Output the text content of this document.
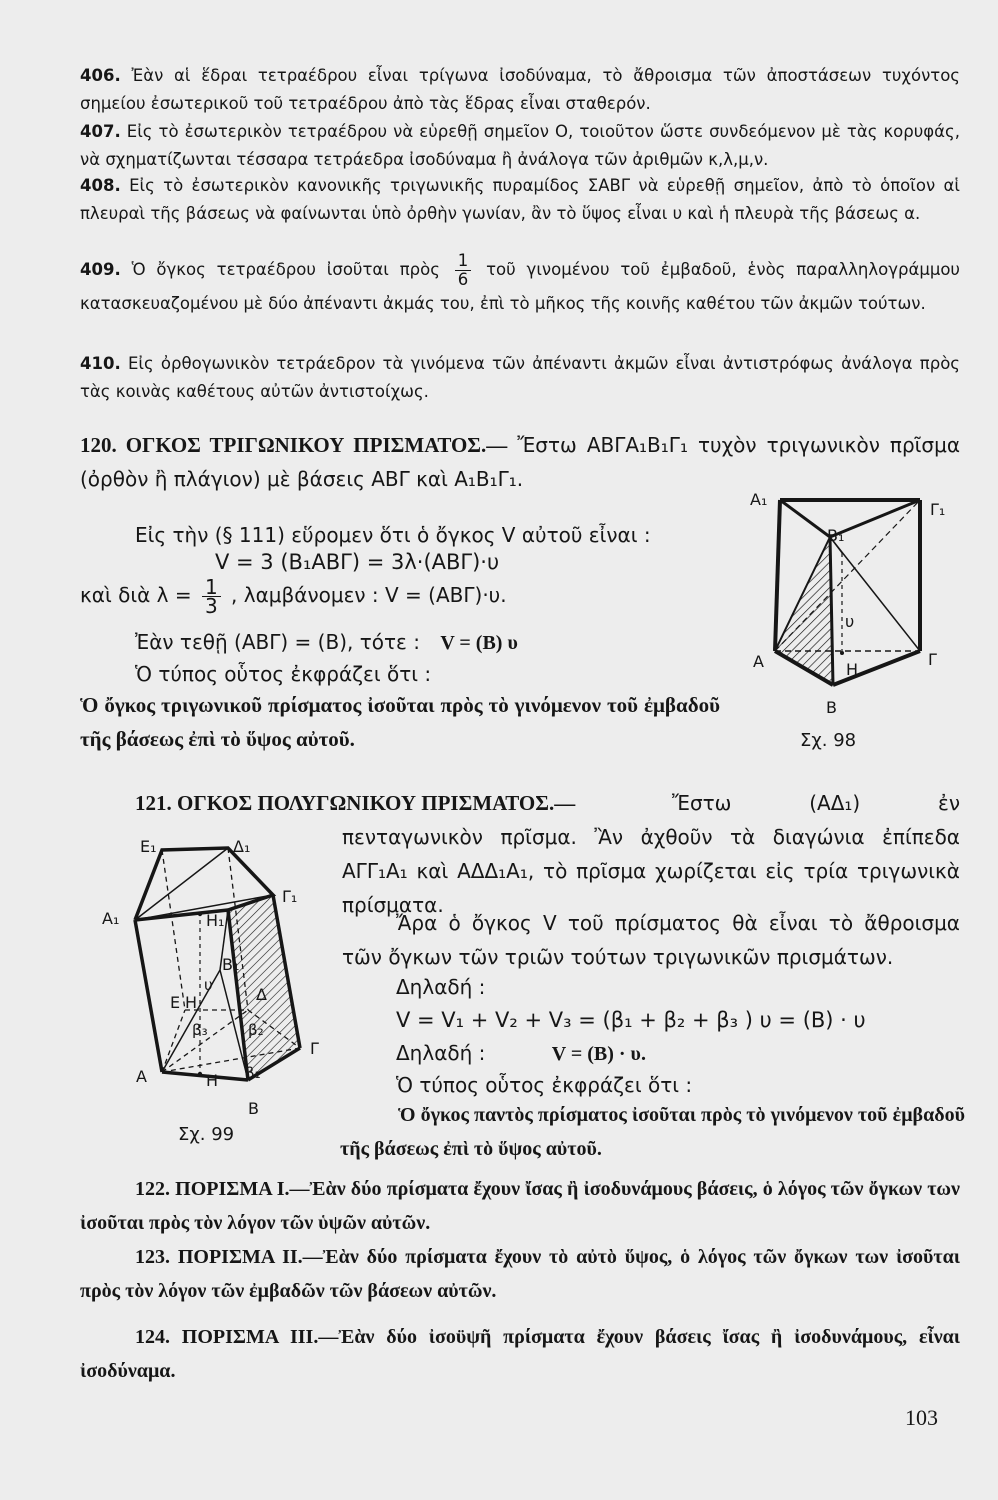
406. Ἐὰν αἱ ἕδραι τετραέδρου εἶναι τρίγωνα ἰσοδύναμα, τὸ ἄθροισμα τῶν ἀποστάσεων τυχόντος σημείου ἐσωτερικοῦ τοῦ τετραέδρου ἀπὸ τὰς ἕδρας εἶναι σταθερόν.
407. Εἰς τὸ ἐσωτερικὸν τετραέδρου νὰ εὑρεθῇ σημεῖον Ο, τοιοῦτον ὥστε συνδεόμενον μὲ τὰς κορυφάς, νὰ σχηματίζωνται τέσσαρα τετράεδρα ἰσοδύναμα ἢ ἀνάλογα τῶν ἀριθμῶν κ,λ,μ,ν.
408. Εἰς τὸ ἐσωτερικὸν κανονικῆς τριγωνικῆς πυραμίδος ΣΑΒΓ νὰ εὑρεθῇ σημεῖον, ἀπὸ τὸ ὁποῖον αἱ πλευραὶ τῆς βάσεως νὰ φαίνωνται ὑπὸ ὀρθὴν γωνίαν, ἂν τὸ ὕψος εἶναι υ καὶ ἡ πλευρὰ τῆς βάσεως α.
409. Ὁ ὄγκος τετραέδρου ἰσοῦται πρὸς $\frac{1}{6}$ τοῦ γινομένου τοῦ ἐμβαδοῦ, ἑνὸς παραλληλογράμμου κατασκευαζομένου μὲ δύο ἀπέναντι ἀκμάς του, ἐπὶ τὸ μῆκος τῆς κοινῆς καθέτου τῶν ἀκμῶν τούτων.
410. Εἰς ὀρθογωνικὸν τετράεδρον τὰ γινόμενα τῶν ἀπέναντι ἀκμῶν εἶναι ἀντιστρόφως ἀνάλογα πρὸς τὰς κοινὰς καθέτους αὐτῶν ἀντιστοίχως.
120. ΟΓΚΟΣ ΤΡΙΓΩΝΙΚΟΥ ΠΡΙΣΜΑΤΟΣ.— Ἔστω ΑΒΓΑ₁Β₁Γ₁ τυχὸν τριγωνικὸν πρῖσμα (ὀρθὸν ἢ πλάγιον) μὲ βάσεις ΑΒΓ καὶ Α₁Β₁Γ₁.
Εἰς τὴν (§ 111) εὕρομεν ὅτι ὁ ὄγκος V αὐτοῦ εἶναι :
V = 3 (Β₁ΑΒΓ) = 3λ·(ΑΒΓ)·υ
καὶ διὰ $\lambda = \frac{1}{3}$ , λαμβάνομεν : V = (ΑΒΓ)·υ.
Ἐὰν τεθῇ (ΑΒΓ) = (Β), τότε : V = (Β) υ
Ὁ τύπος οὗτος ἐκφράζει ὅτι :
Ὁ ὄγκος τριγωνικοῦ πρίσματος ἰσοῦται πρὸς τὸ γινόμενον τοῦ ἐμβαδοῦ τῆς βάσεως ἐπὶ τὸ ὕψος αὐτοῦ.
Α₁
Γ₁
Β₁
υ
Α	Η
Γ
Β
Σχ. 98
121. ΟΓΚΟΣ ΠΟΛΥΓΩΝΙΚΟΥ ΠΡΙΣΜΑΤΟΣ.—	Ἔστω (ΑΔ₁) ἐν πενταγωνικὸν πρῖσμα. Ἂν ἀχθοῦν τὰ διαγώνια ἐπίπεδα ΑΓΓ₁Α₁ καὶ ΑΔΔ₁Α₁, τὸ πρῖσμα χωρίζεται εἰς τρία τριγωνικὰ πρίσματα.
Ἄρα ὁ ὄγκος V τοῦ πρίσματος θὰ εἶναι τὸ ἄθροισμα τῶν ὄγκων τῶν τριῶν τούτων τριγωνικῶν πρισμάτων.
Δηλαδή :
V = V₁ + V₂ + V₃ = (β₁ + β₂ + β₃ ) υ = (Β) · υ
Δηλαδή :	V = (Β) · υ.
Ὁ τύπος οὗτος ἐκφράζει ὅτι :
Ὁ ὄγκος παντὸς πρίσματος ἰσοῦται πρὸς τὸ γινόμενον τοῦ ἐμβαδοῦ τῆς βάσεως ἐπὶ τὸ ὕψος αὐτοῦ.
Ε₁	Δ₁
Γ₁
Α₁	Η₁
Β₁
υ
Ε Η	Δ
β₃	β₂
Γ
Α	β₁
Η
Β
Σχ. 99
122. ΠΟΡΙΣΜΑ Ι.—Ἐὰν δύο πρίσματα ἔχουν ἴσας ἢ ἰσοδυνάμους βάσεις, ὁ λόγος τῶν ὄγκων των ἰσοῦται πρὸς τὸν λόγον τῶν ὑψῶν αὐτῶν.
123. ΠΟΡΙΣΜΑ ΙΙ.—Ἐὰν δύο πρίσματα ἔχουν τὸ αὐτὸ ὕψος, ὁ λόγος τῶν ὄγκων των ἰσοῦται πρὸς τὸν λόγον τῶν ἐμβαδῶν τῶν βάσεων αὐτῶν.
124. ΠΟΡΙΣΜΑ ΙΙΙ.—Ἐὰν δύο ἰσοϋψῆ πρίσματα ἔχουν βάσεις ἴσας ἢ ἰσοδυνάμους, εἶναι ἰσοδύναμα.
103
